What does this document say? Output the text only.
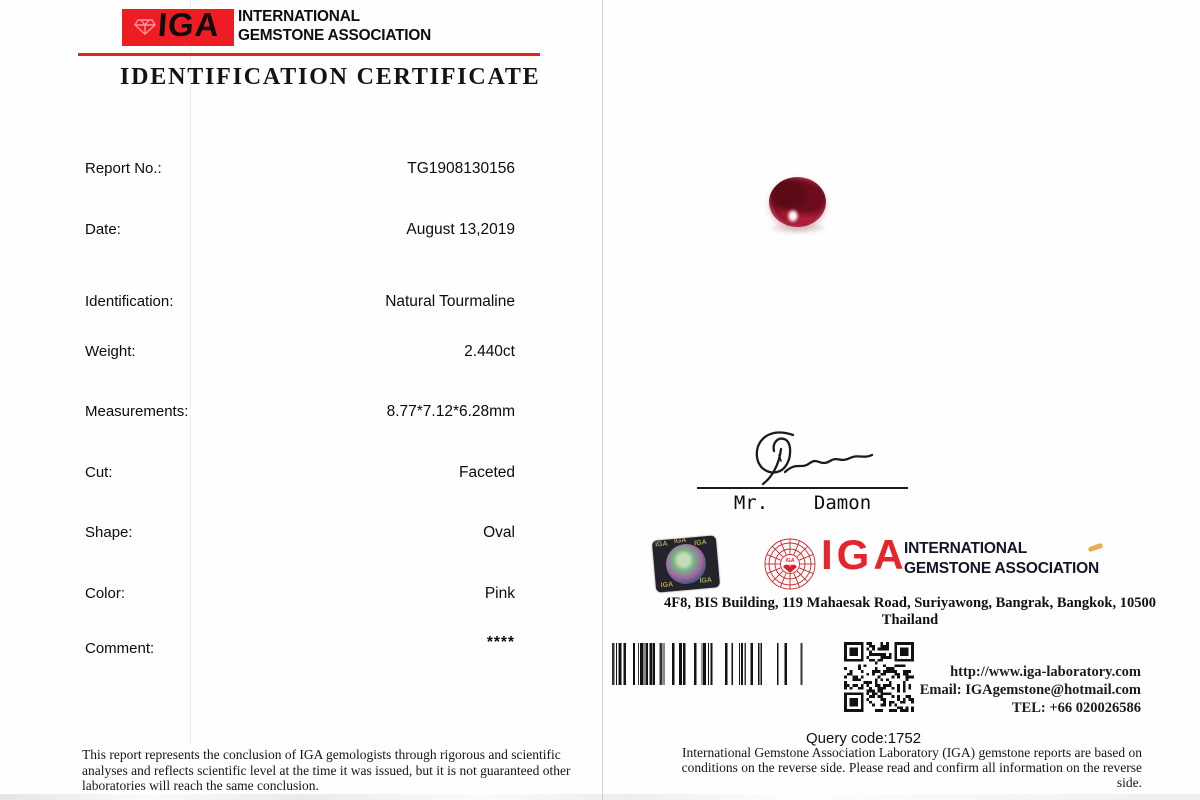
IGA INTERNATIONAL
GEMSTONE ASSOCIATION
IDENTIFICATION CERTIFICATE
Report No.:	TG1908130156
Date:	August 13,2019
Identification:	Natural Tourmaline
Weight:	2.440ct
Measurements:	8.77*7.12*6.28mm
Cut:	Faceted
Shape:	Oval
Color:	Pink
Comment:	****
This report represents the conclusion of IGA gemologists through rigorous and scientific analyses and reflects scientific level at the time it was issued, but it is not guaranteed other laboratories will reach the same conclusion.
Mr.    Damon
IGA	IGA
IGA
IGA
IGA
IGA IGA
INTERNATIONAL
GEMSTONE ASSOCIATION
4F8, BIS Building, 119 Mahaesak Road, Suriyawong, Bangrak, Bangkok, 10500 Thailand
http://www.iga-laboratory.com
Email: IGAgemstone@hotmail.com
TEL: +66 020026586
Query code:1752
International Gemstone Association Laboratory (IGA) gemstone reports are based on conditions on the reverse side. Please read and confirm all information on the reverse side.
